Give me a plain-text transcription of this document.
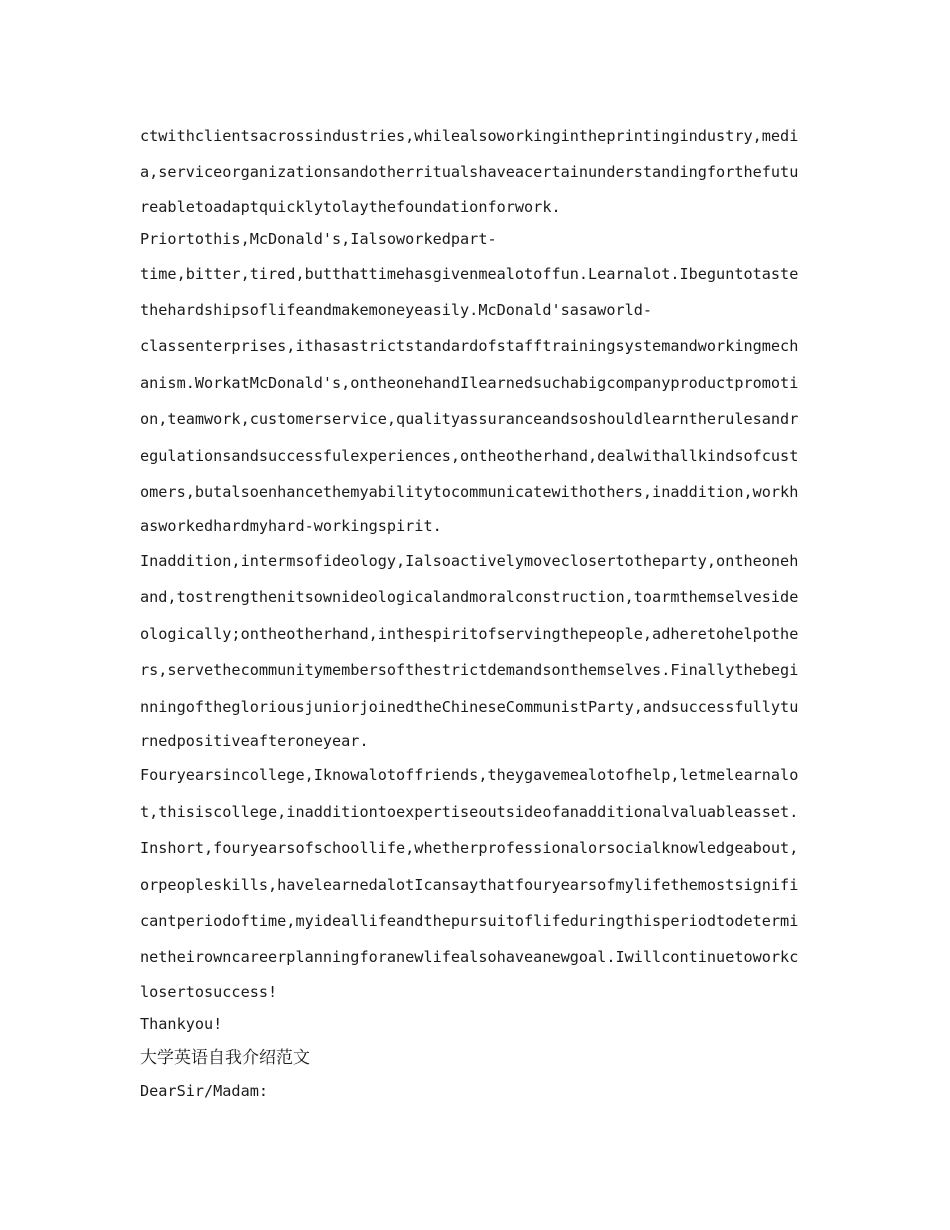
ctwithclientsacrossindustries,whilealsoworkingintheprintingindustry,medi
a,serviceorganizationsandotherritualshaveacertainunderstandingforthefutu
reabletoadaptquicklytolaythefoundationforwork.
Priortothis,McDonald's,Ialsoworkedpart-
time,bitter,tired,butthattimehasgivenmealotoffun.Learnalot.Ibeguntotaste
thehardshipsoflifeandmakemoneyeasily.McDonald'sasaworld-
classenterprises,ithasastrictstandardofstafftrainingsystemandworkingmech
anism.WorkatMcDonald's,ontheonehandIlearnedsuchabigcompanyproductpromoti
on,teamwork,customerservice,qualityassuranceandsoshouldlearntherulesandr
egulationsandsuccessfulexperiences,ontheotherhand,dealwithallkindsofcust
omers,butalsoenhancethemyabilitytocommunicatewithothers,inaddition,workh
asworkedhardmyhard-workingspirit.
Inaddition,intermsofideology,Ialsoactivelymoveclosertotheparty,ontheoneh
and,tostrengthenitsownideologicalandmoralconstruction,toarmthemselveside
ologically;ontheotherhand,inthespiritofservingthepeople,adheretohelpothe
rs,servethecommunitymembersofthestrictdemandsonthemselves.Finallythebegi
nningofthegloriousjuniorjoinedtheChineseCommunistParty,andsuccessfullytu
rnedpositiveafteroneyear.
Fouryearsincollege,Iknowalotoffriends,theygavemealotofhelp,letmelearnalo
t,thisiscollege,inadditiontoexpertiseoutsideofanadditionalvaluableasset.
Inshort,fouryearsofschoollife,whetherprofessionalorsocialknowledgeabout,
orpeopleskills,havelearnedalotIcansaythatfouryearsofmylifethemostsignifi
cantperiodoftime,myideallifeandthepursuitoflifeduringthisperiodtodetermi
netheirowncareerplanningforanewlifealsohaveanewgoal.Iwillcontinuetoworkc
losertosuccess!
Thankyou!
大学英语自我介绍范文
DearSir/Madam:
